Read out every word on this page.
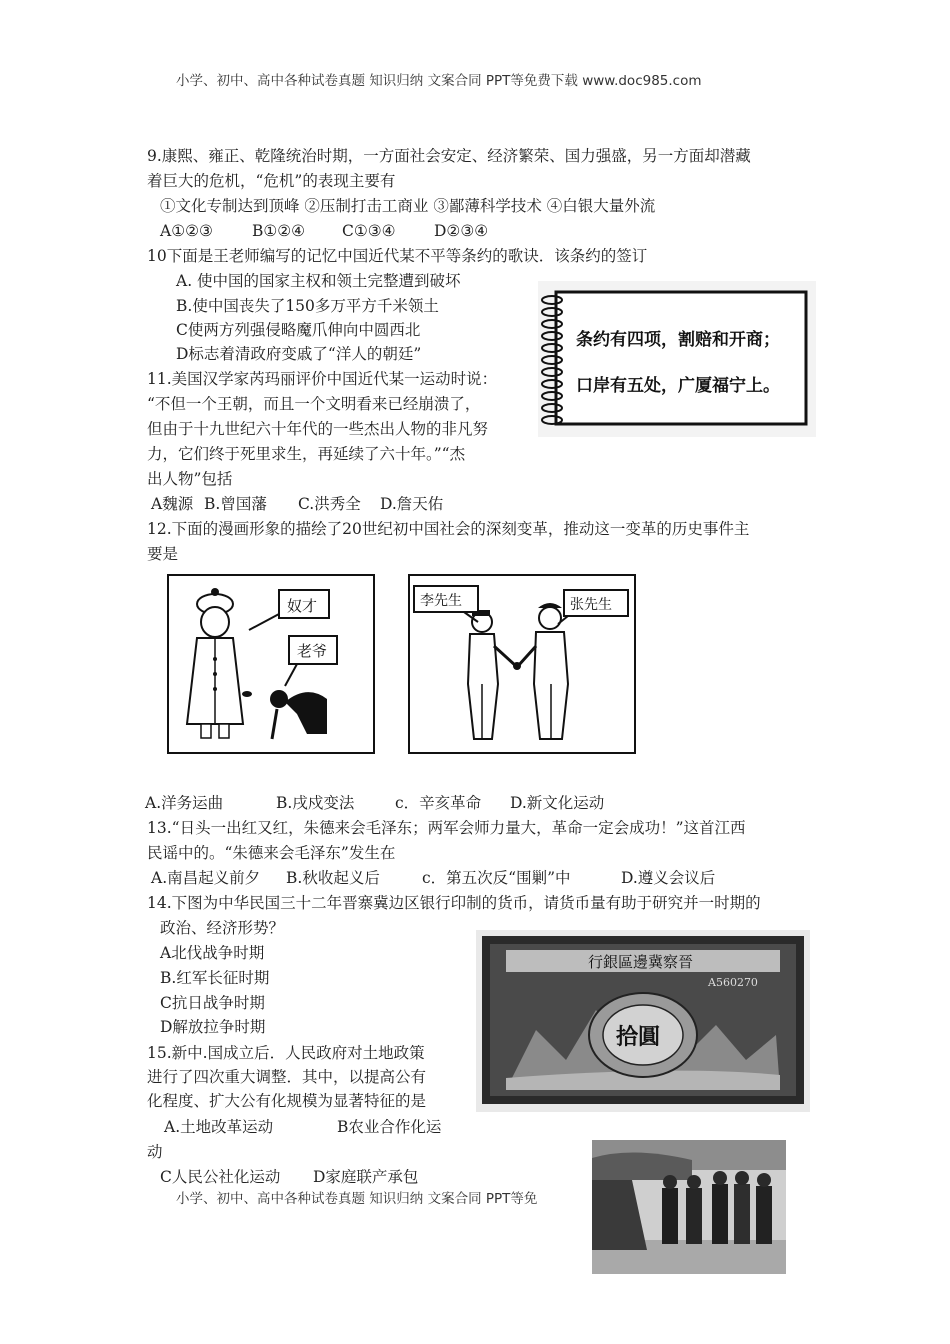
小学、初中、高中各种试卷真题 知识归纳 文案合同 PPT等免费下载 www.doc985.com
9.康熙、雍正、乾隆统治时期，一方面社会安定、经济繁荣、国力强盛，另一方面却潜藏
着巨大的危机，“危机”的表现主要有
①文化专制达到顶峰 ②压制打击工商业 ③鄙薄科学技术 ④白银大量外流
A①②③	B①②④ C①③④ D②③④
10下面是王老师编写的记忆中国近代某不平等条约的歌诀．该条约的签订
A. 使中国的国家主权和领土完整遭到破坏
B.使中国丧失了150多万平方千米领土
C使两方列强侵略魔爪伸向中圆西北
D标志着清政府变戚了“洋人的朝廷”
条约有四项，割赔和开商；
口岸有五处，广厦福宁上。
11.美国汉学家芮玛丽评价中国近代某一运动时说：
“不但一个王朝，而且一个文明看来已经崩溃了，
但由于十九世纪六十年代的一些杰出人物的非凡努
力，它们终于死里求生，再延续了六十年。”“杰
出人物”包括
A魏源 B.曾国藩 C.洪秀全 D.詹天佑
12.下面的漫画形象的描绘了20世纪初中国社会的深刻变革，推动这一变革的历史事件主
要是
奴才
老爷
李先生	张先生
A.洋务运曲	B.戌戍变法	c．辛亥革命 D.新文化运动
13.“日头一出红又红，朱德来会毛泽东；两军会师力量大，革命一定会成功！”这首江西
民谣中的。“朱德来会毛泽东”发生在
A.南昌起义前夕 B.秋收起义后	c．第五次反“围剿”中	D.遵义会议后
14.下图为中华民国三十二年晋寨冀边区银行印制的货币，请货币量有助于研究并一时期的
政治、经济形势？
A北伐战争时期
B.红军长征时期
C抗日战争时期
D解放拉争时期
行銀區邊冀察晉
A560270
拾圓
15.新中.国成立后．人民政府对土地政策
进行了四次重大调整．其中，以提高公有
化程度、扩大公有化规模为显著特征的是
A.土地改革运动	B农业合作化运
动
C人民公社化运动 D家庭联产承包
小学、初中、高中各种试卷真题 知识归纳 文案合同 PPT等免
